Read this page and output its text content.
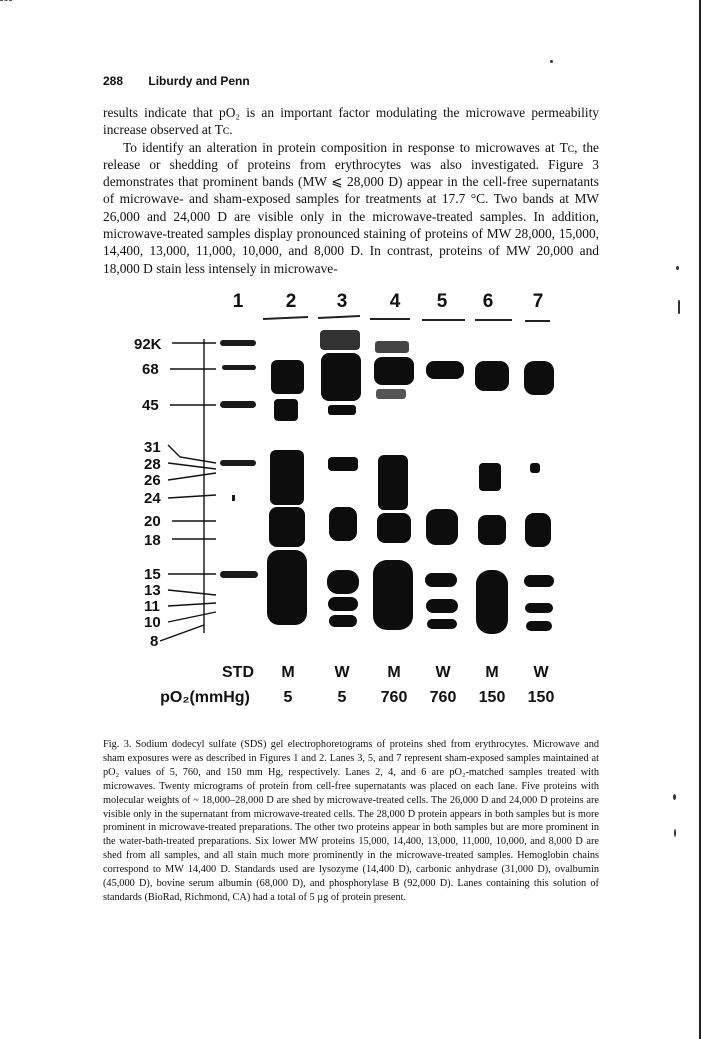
288 Liburdy and Penn

results indicate that pO₂ is an important factor modulating the microwave permeability increase observed at Tᴄ.

To identify an alteration in protein composition in response to microwaves at Tᴄ, the release or shedding of proteins from erythrocytes was also investigated. Figure 3 demonstrates that prominent bands (MW ⩽ 28,000 D) appear in the cell-free supernatants of microwave- and sham-exposed samples for treatments at 17.7 °C. Two bands at MW 26,000 and 24,000 D are visible only in the microwave-treated samples. In addition, microwave-treated samples display pronounced staining of proteins of MW 28,000, 15,000, 14,400, 13,000, 11,000, 10,000, and 8,000 D. In contrast, proteins of MW 20,000 and 18,000 D stain less intensely in microwave-

1 2 3 4 5 6 7
92K
68
45
31
28
26
24
20
18
15
13
11
10
8
STD M W M W M W
pO₂(mmHg) 5	5 760 760 150 150
Fig. 3. Sodium dodecyl sulfate (SDS) gel electrophoretograms of proteins shed from erythrocytes. Microwave and sham exposures were as described in Figures 1 and 2. Lanes 3, 5, and 7 represent sham-exposed samples maintained at pO₂ values of 5, 760, and 150 mm Hg, respectively. Lanes 2, 4, and 6 are pO₂-matched samples treated with microwaves. Twenty micrograms of protein from cell-free supernatants was placed on each lane. Five proteins with molecular weights of ~ 18,000–28,000 D are shed by microwave-treated cells. The 26,000 D and 24,000 D proteins are visible only in the supernatant from microwave-treated cells. The 28,000 D protein appears in both samples but is more prominent in microwave-treated preparations. The other two proteins appear in both samples but are more prominent in the water-bath-treated preparations. Six lower MW proteins 15,000, 14,400, 13,000, 11,000, 10,000, and 8,000 D are shed from all samples, and all stain much more prominently in the microwave-treated samples. Hemoglobin chains correspond to MW 14,400 D. Standards used are lysozyme (14,400 D), carbonic anhydrase (31,000 D), ovalbumin (45,000 D), bovine serum albumin (68,000 D), and phosphorylase B (92,000 D). Lanes containing this solution of standards (BioRad, Richmond, CA) had a total of 5 µg of protein present.
